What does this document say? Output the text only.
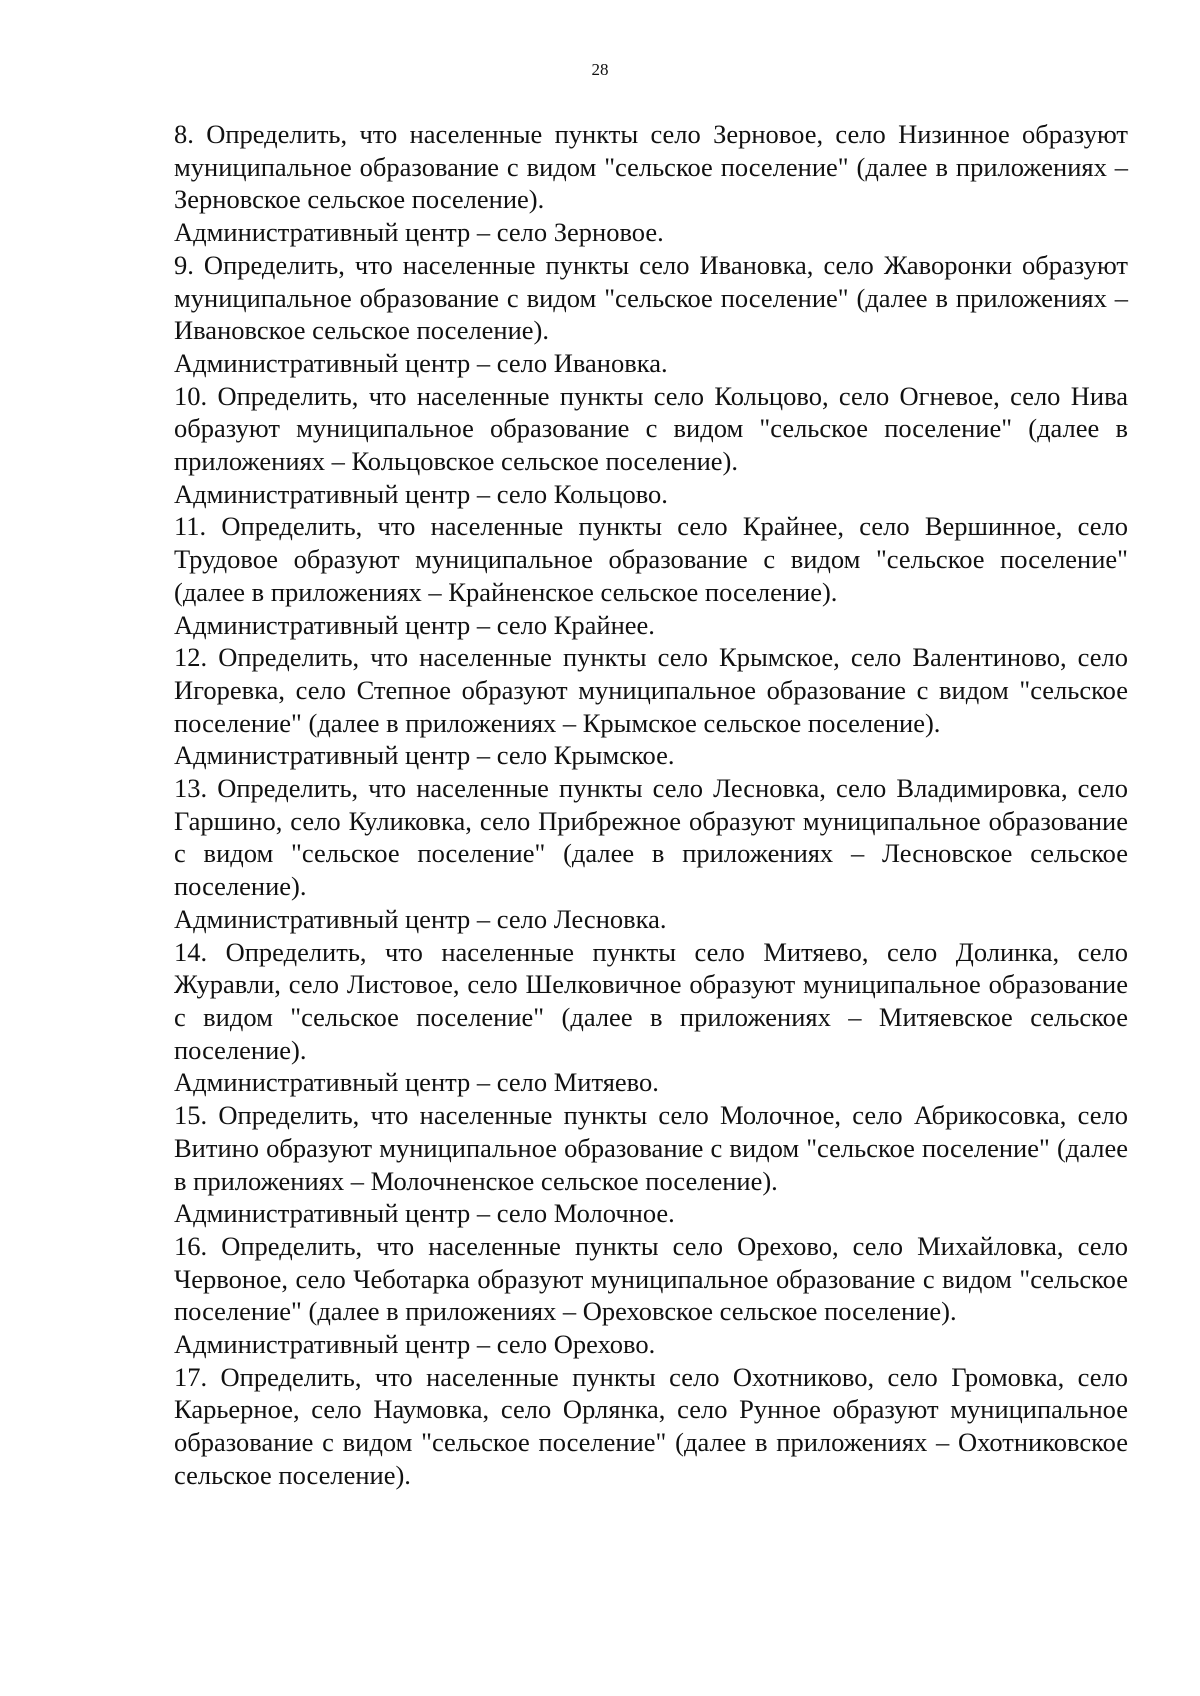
28

8. Определить, что населенные пункты село Зерновое, село Низинное образуют муниципальное образование с видом "сельское поселение" (далее в приложениях – Зерновское сельское поселение).

Административный центр – село Зерновое.

9. Определить, что населенные пункты село Ивановка, село Жаворонки образуют муниципальное образование с видом "сельское поселение" (далее в приложениях – Ивановское сельское поселение).

Административный центр – село Ивановка.

10. Определить, что населенные пункты село Кольцово, село Огневое, село Нива образуют муниципальное образование с видом "сельское поселение" (далее в приложениях – Кольцовское сельское поселение).

Административный центр – село Кольцово.

11. Определить, что населенные пункты село Крайнее, село Вершинное, село Трудовое образуют муниципальное образование с видом "сельское поселение" (далее в приложениях – Крайненское сельское поселение).

Административный центр – село Крайнее.

12. Определить, что населенные пункты село Крымское, село Валентиново, село Игоревка, село Степное образуют муниципальное образование с видом "сельское поселение" (далее в приложениях – Крымское сельское поселение).

Административный центр – село Крымское.

13. Определить, что населенные пункты село Лесновка, село Владимировка, село Гаршино, село Куликовка, село Прибрежное образуют муниципальное образование с видом "сельское поселение" (далее в приложениях – Лесновское сельское поселение).

Административный центр – село Лесновка.

14. Определить, что населенные пункты село Митяево, село Долинка, село Журавли, село Листовое, село Шелковичное образуют муниципальное образование с видом "сельское поселение" (далее в приложениях – Митяевское сельское поселение).

Административный центр – село Митяево.

15. Определить, что населенные пункты село Молочное, село Абрикосовка, село Витино образуют муниципальное образование с видом "сельское поселение" (далее в приложениях – Молочненское сельское поселение).

Административный центр – село Молочное.

16. Определить, что населенные пункты село Орехово, село Михайловка, село Червоное, село Чеботарка образуют муниципальное образование с видом "сельское поселение" (далее в приложениях – Ореховское сельское поселение).

Административный центр – село Орехово.

17. Определить, что населенные пункты село Охотниково, село Громовка, село Карьерное, село Наумовка, село Орлянка, село Рунное образуют муниципальное образование с видом "сельское поселение" (далее в приложениях – Охотниковское сельское поселение).
